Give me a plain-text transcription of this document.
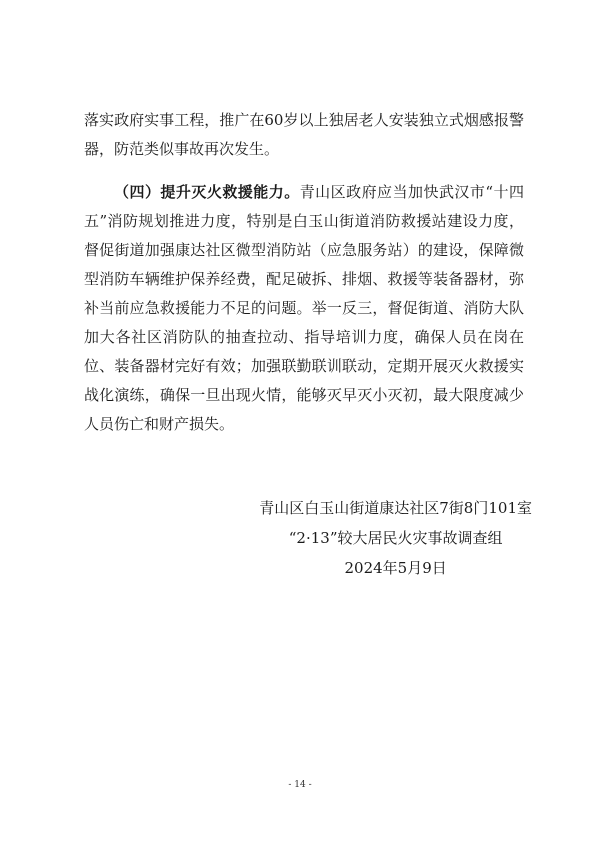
落实政府实事工程，推广在60岁以上独居老人安装独立式烟感报警器，防范类似事故再次发生。

（四）提升灭火救援能力。青山区政府应当加快武汉市“十四五”消防规划推进力度，特别是白玉山街道消防救援站建设力度，督促街道加强康达社区微型消防站（应急服务站）的建设，保障微型消防车辆维护保养经费，配足破拆、排烟、救援等装备器材，弥补当前应急救援能力不足的问题。举一反三，督促街道、消防大队加大各社区消防队的抽查拉动、指导培训力度，确保人员在岗在位、装备器材完好有效；加强联勤联训联动，定期开展灭火救援实战化演练，确保一旦出现火情，能够灭早灭小灭初，最大限度减少人员伤亡和财产损失。

青山区白玉山街道康达社区7街8门101室
“2·13”较大居民火灾事故调查组
2024年5月9日
- 14 -
